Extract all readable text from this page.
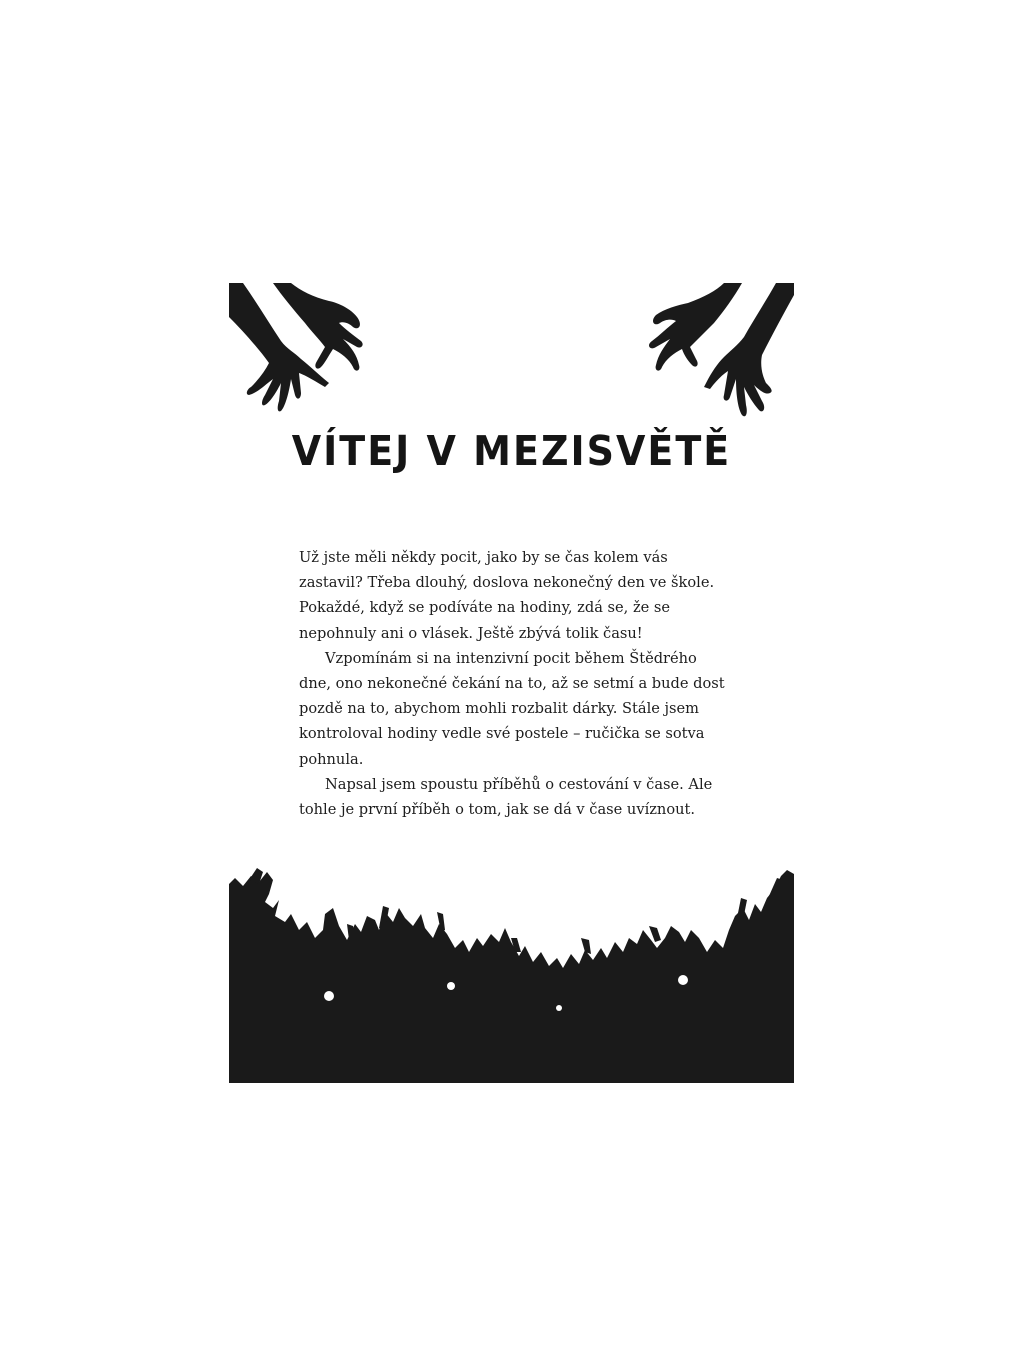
VÍTEJ V MEZISVĚTĚ

Už jste měli někdy pocit, jako by se čas kolem vás zastavil? Třeba dlouhý, doslova nekonečný den ve škole. Pokaždé, když se podíváte na hodiny, zdá se, že se nepohnuly ani o vlásek. Ještě zbývá tolik času!

Vzpomínám si na intenzivní pocit během Štědrého dne, ono nekonečné čekání na to, až se setmí a bude dost pozdě na to, abychom mohli rozbalit dárky. Stále jsem kontroloval hodiny vedle své postele – ručička se sotva pohnula.

Napsal jsem spoustu příběhů o cestování v čase. Ale tohle je první příběh o tom, jak se dá v čase uvíznout.
